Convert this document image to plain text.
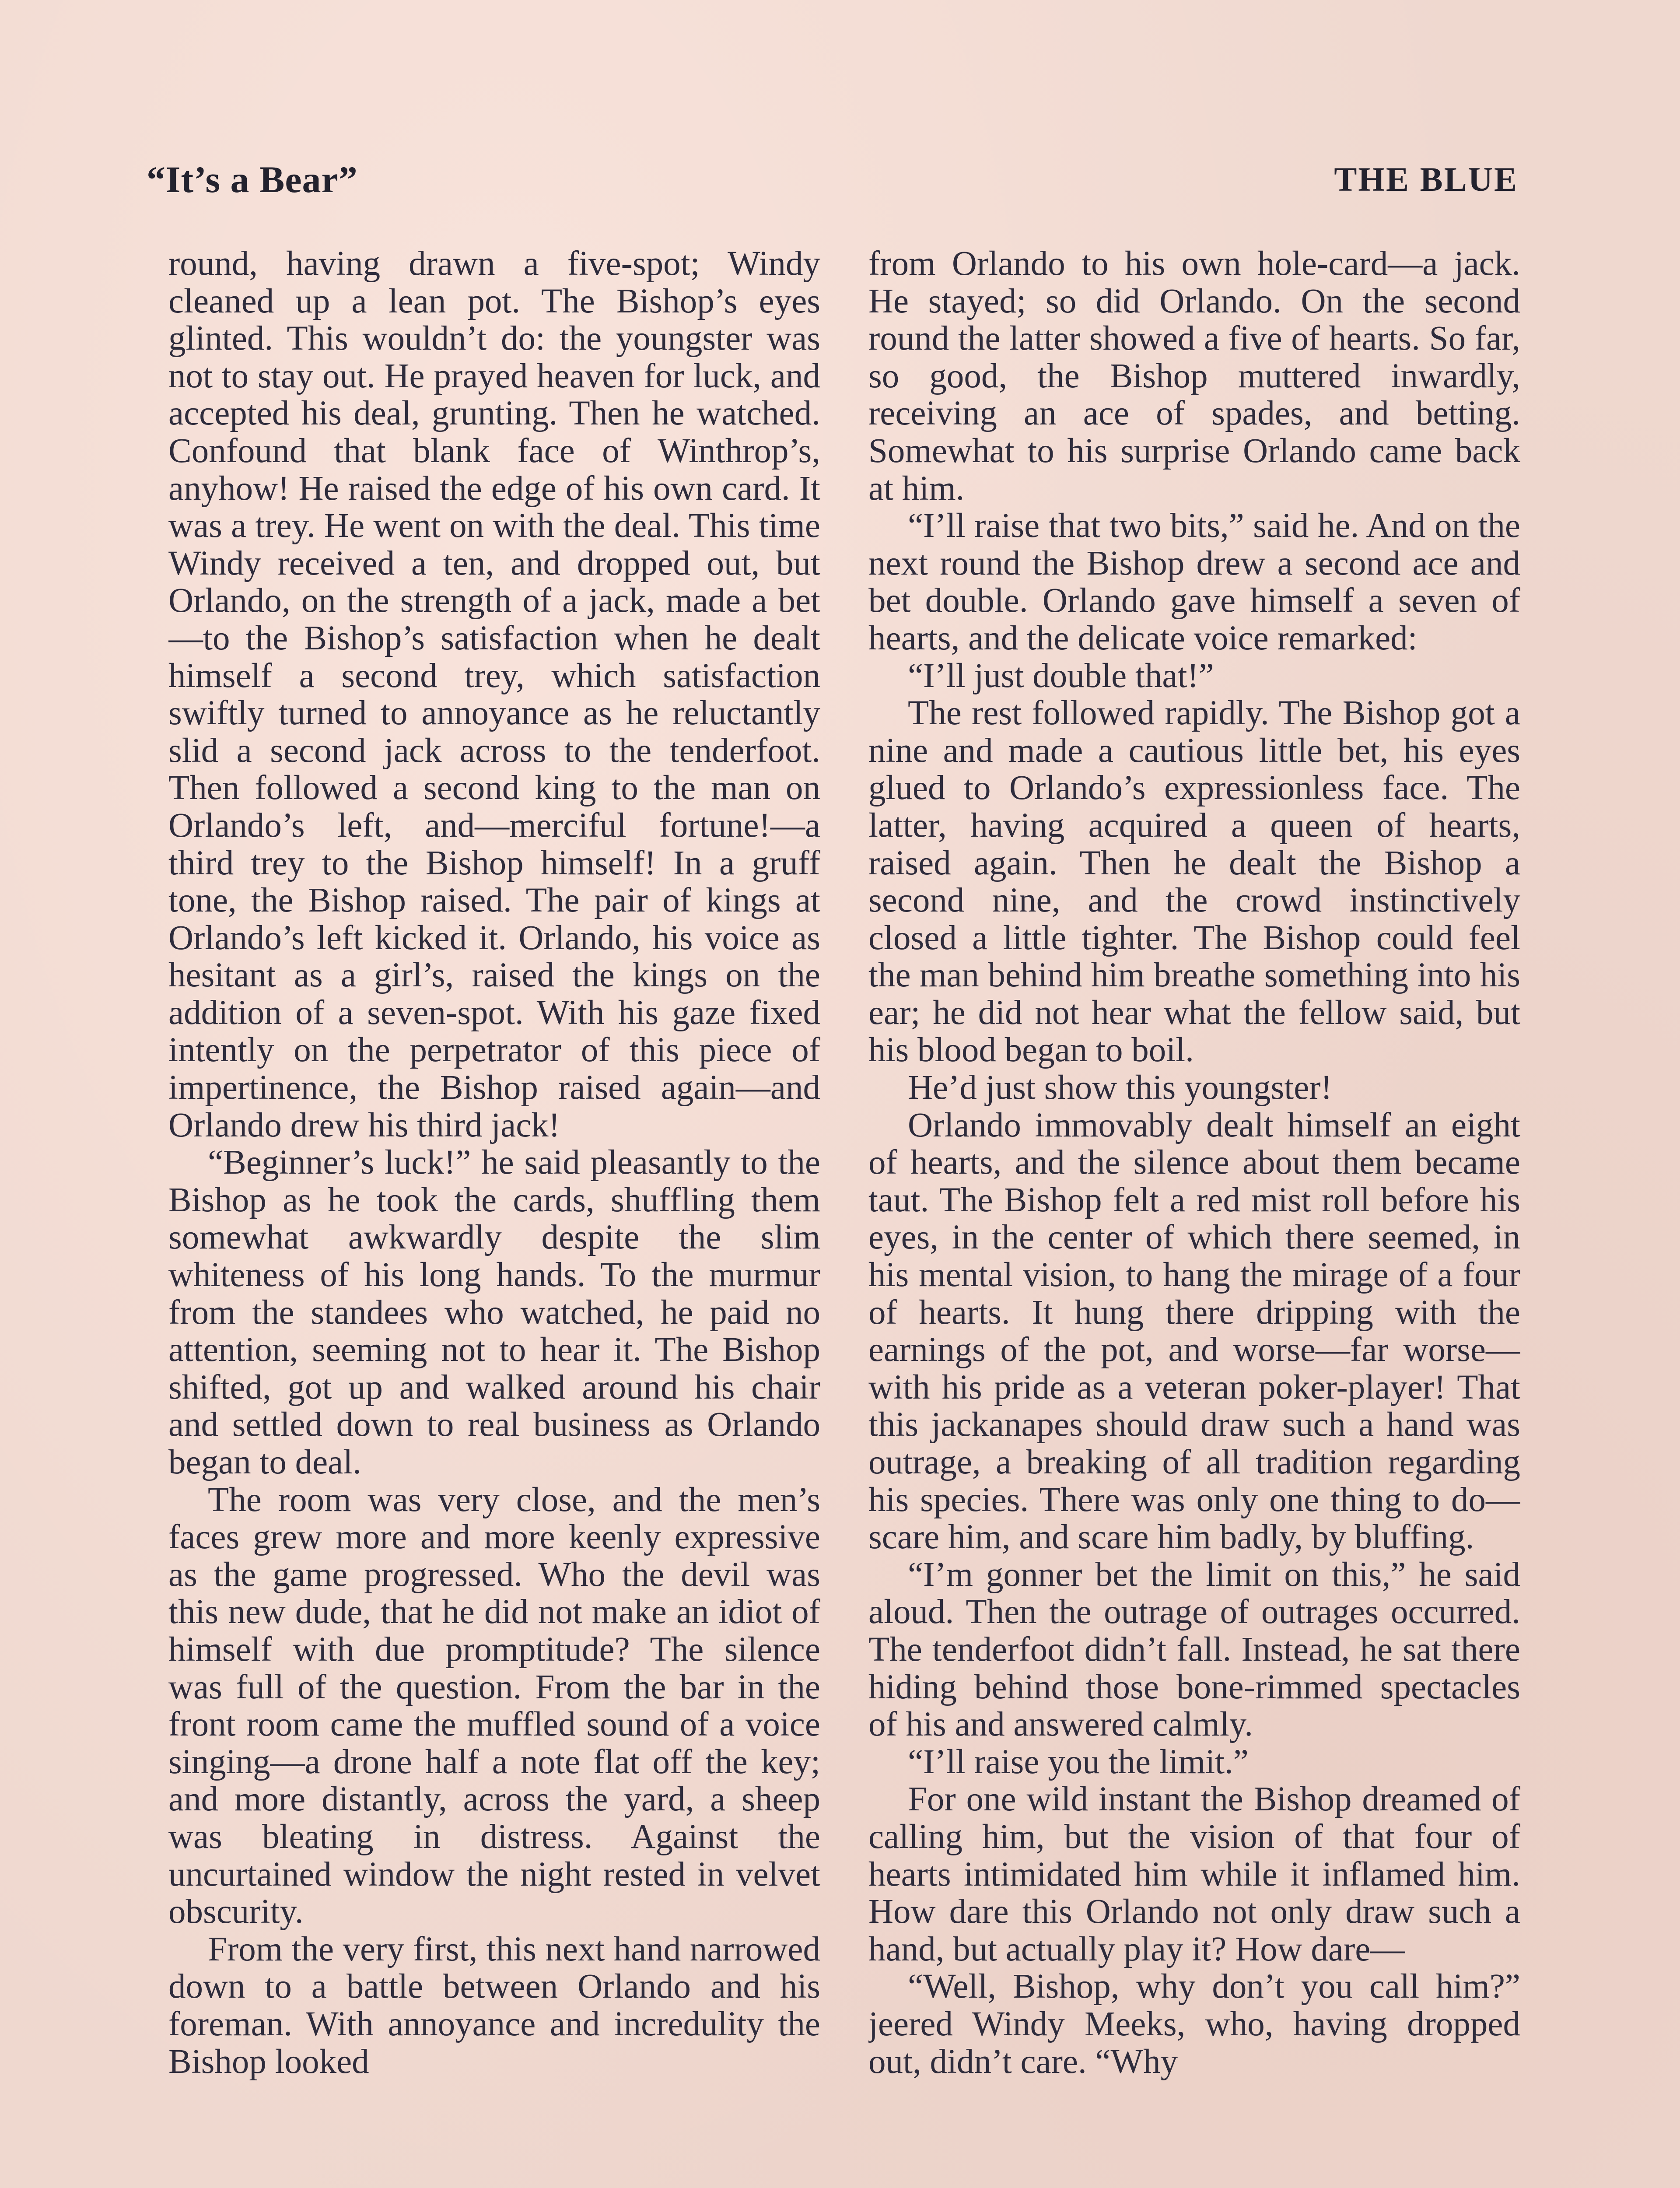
“It’s a Bear”	THE BLUE

round, having drawn a five-spot; Windy cleaned up a lean pot. The Bishop’s eyes glinted. This wouldn’t do: the youngster was not to stay out. He prayed heaven for luck, and accepted his deal, grunting. Then he watched. Confound that blank face of Winthrop’s, anyhow! He raised the edge of his own card. It was a trey. He went on with the deal. This time Windy received a ten, and dropped out, but Orlando, on the strength of a jack, made a bet—to the Bishop’s satisfaction when he dealt himself a second trey, which satisfaction swiftly turned to annoyance as he reluctantly slid a second jack across to the tenderfoot. Then followed a second king to the man on Orlando’s left, and—merciful fortune!—a third trey to the Bishop himself! In a gruff tone, the Bishop raised. The pair of kings at Orlando’s left kicked it. Orlando, his voice as hesitant as a girl’s, raised the kings on the addition of a seven-spot. With his gaze fixed intently on the perpetrator of this piece of impertinence, the Bishop raised again—and Orlando drew his third jack!

“Beginner’s luck!” he said pleasantly to the Bishop as he took the cards, shuffling them somewhat awkwardly despite the slim whiteness of his long hands. To the murmur from the standees who watched, he paid no attention, seeming not to hear it. The Bishop shifted, got up and walked around his chair and settled down to real business as Orlando began to deal.

The room was very close, and the men’s faces grew more and more keenly expressive as the game progressed. Who the devil was this new dude, that he did not make an idiot of himself with due promptitude? The silence was full of the question. From the bar in the front room came the muffled sound of a voice singing—a drone half a note flat off the key; and more distantly, across the yard, a sheep was bleating in distress. Against the uncurtained window the night rested in velvet obscurity.

From the very first, this next hand narrowed down to a battle between Orlando and his foreman. With annoyance and incredulity the Bishop looked

from Orlando to his own hole-card—a jack. He stayed; so did Orlando. On the second round the latter showed a five of hearts. So far, so good, the Bishop muttered inwardly, receiving an ace of spades, and betting. Somewhat to his surprise Orlando came back at him.

“I’ll raise that two bits,” said he. And on the next round the Bishop drew a second ace and bet double. Orlando gave himself a seven of hearts, and the delicate voice remarked:

“I’ll just double that!”

The rest followed rapidly. The Bishop got a nine and made a cautious little bet, his eyes glued to Orlando’s expressionless face. The latter, having acquired a queen of hearts, raised again. Then he dealt the Bishop a second nine, and the crowd instinctively closed a little tighter. The Bishop could feel the man behind him breathe something into his ear; he did not hear what the fellow said, but his blood began to boil.

He’d just show this youngster!

Orlando immovably dealt himself an eight of hearts, and the silence about them became taut. The Bishop felt a red mist roll before his eyes, in the center of which there seemed, in his mental vision, to hang the mirage of a four of hearts. It hung there dripping with the earnings of the pot, and worse—far worse—with his pride as a veteran poker-player! That this jackanapes should draw such a hand was outrage, a breaking of all tradition regarding his species. There was only one thing to do—scare him, and scare him badly, by bluffing.

“I’m gonner bet the limit on this,” he said aloud. Then the outrage of outrages occurred. The tenderfoot didn’t fall. Instead, he sat there hiding behind those bone-rimmed spectacles of his and answered calmly.

“I’ll raise you the limit.”

For one wild instant the Bishop dreamed of calling him, but the vision of that four of hearts intimidated him while it inflamed him. How dare this Orlando not only draw such a hand, but actually play it? How dare—

“Well, Bishop, why don’t you call him?” jeered Windy Meeks, who, having dropped out, didn’t care. “Why
